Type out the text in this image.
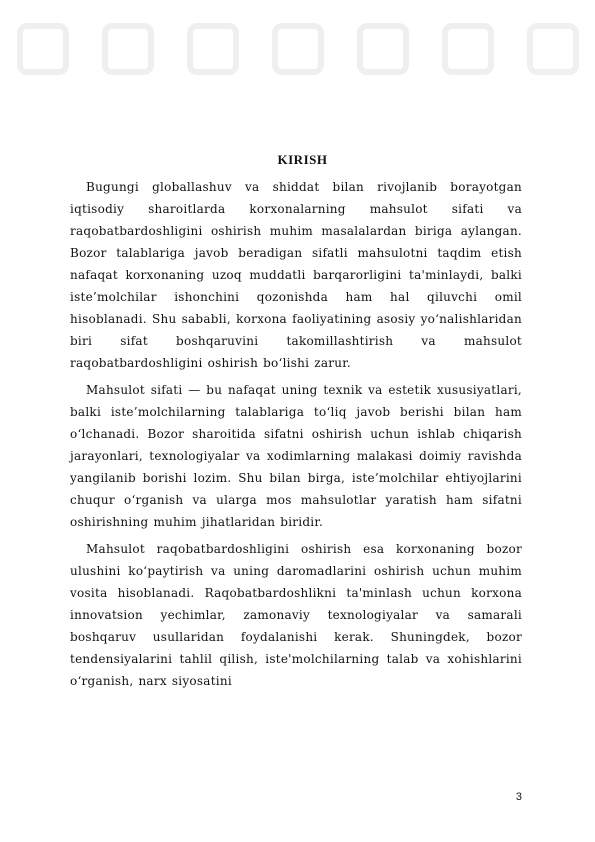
KIRISH

Bugungi globallashuv va shiddat bilan rivojlanib borayotgan iqtisodiy sharoitlarda korxonalarning mahsulot sifati va raqobatbardoshligini oshirish muhim masalalardan biriga aylangan. Bozor talablariga javob beradigan sifatli mahsulotni taqdim etish nafaqat korxonaning uzoq muddatli barqarorligini ta'minlaydi, balki iste’molchilar ishonchini qozonishda ham hal qiluvchi omil hisoblanadi. Shu sababli, korxona faoliyatining asosiy yo‘nalishlaridan biri sifat boshqaruvini takomillashtirish va mahsulot raqobatbardoshligini oshirish bo‘lishi zarur.

Mahsulot sifati — bu nafaqat uning texnik va estetik xususiyatlari, balki iste’molchilarning talablariga to‘liq javob berishi bilan ham o‘lchanadi. Bozor sharoitida sifatni oshirish uchun ishlab chiqarish jarayonlari, texnologiyalar va xodimlarning malakasi doimiy ravishda yangilanib borishi lozim. Shu bilan birga, iste’molchilar ehtiyojlarini chuqur o‘rganish va ularga mos mahsulotlar yaratish ham sifatni oshirishning muhim jihatlaridan biridir.

Mahsulot raqobatbardoshligini oshirish esa korxonaning bozor ulushini ko‘paytirish va uning daromadlarini oshirish uchun muhim vosita hisoblanadi. Raqobatbardoshlikni ta'minlash uchun korxona innovatsion yechimlar, zamonaviy texnologiyalar va samarali boshqaruv usullaridan foydalanishi kerak. Shuningdek, bozor tendensiyalarini tahlil qilish, iste'molchilarning talab va xohishlarini o‘rganish, narx siyosatini

3
